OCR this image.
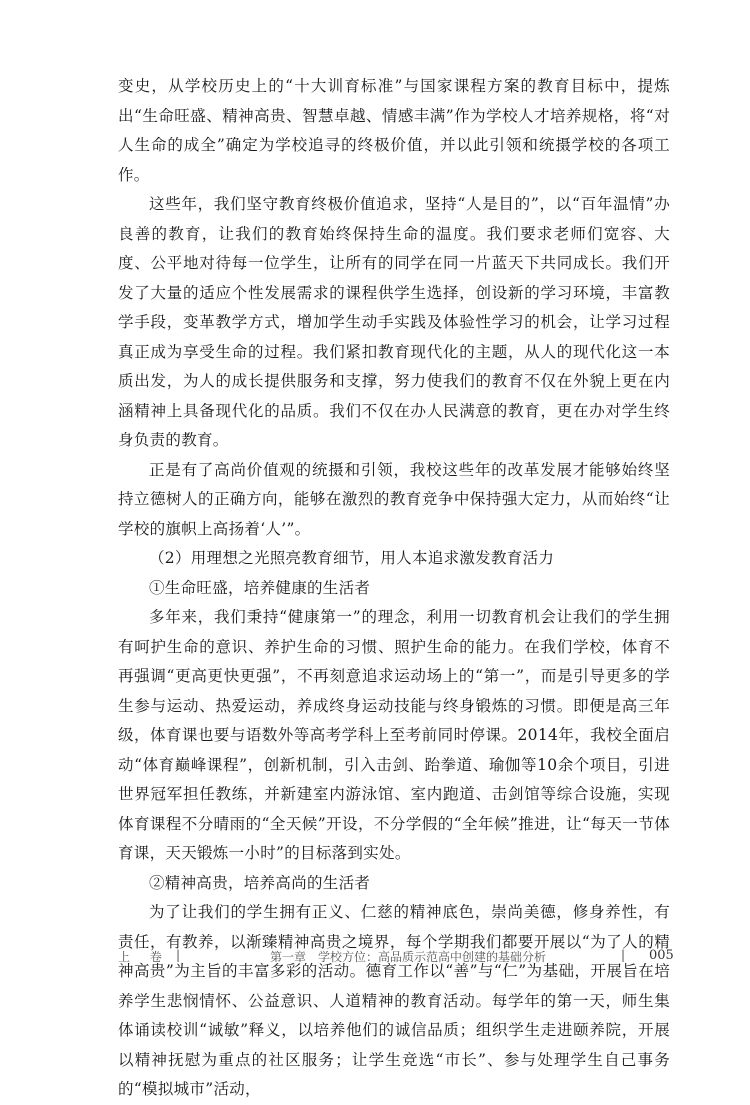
变史，从学校历史上的“十大训育标准”与国家课程方案的教育目标中，提炼出“生命旺盛、精神高贵、智慧卓越、情感丰满”作为学校人才培养规格，将“对人生命的成全”确定为学校追寻的终极价值，并以此引领和统摄学校的各项工作。

这些年，我们坚守教育终极价值追求，坚持“人是目的”，以“百年温情”办良善的教育，让我们的教育始终保持生命的温度。我们要求老师们宽容、大度、公平地对待每一位学生，让所有的同学在同一片蓝天下共同成长。我们开发了大量的适应个性发展需求的课程供学生选择，创设新的学习环境，丰富教学手段，变革教学方式，增加学生动手实践及体验性学习的机会，让学习过程真正成为享受生命的过程。我们紧扣教育现代化的主题，从人的现代化这一本质出发，为人的成长提供服务和支撑，努力使我们的教育不仅在外貌上更在内涵精神上具备现代化的品质。我们不仅在办人民满意的教育，更在办对学生终身负责的教育。

正是有了高尚价值观的统摄和引领，我校这些年的改革发展才能够始终坚持立德树人的正确方向，能够在激烈的教育竞争中保持强大定力，从而始终“让学校的旗帜上高扬着‘人’”。

（2）用理想之光照亮教育细节，用人本追求激发教育活力

①生命旺盛，培养健康的生活者

多年来，我们秉持“健康第一”的理念，利用一切教育机会让我们的学生拥有呵护生命的意识、养护生命的习惯、照护生命的能力。在我们学校，体育不再强调“更高更快更强”，不再刻意追求运动场上的“第一”，而是引导更多的学生参与运动、热爱运动，养成终身运动技能与终身锻炼的习惯。即便是高三年级，体育课也要与语数外等高考学科上至考前同时停课。2014年，我校全面启动“体育巅峰课程”，创新机制，引入击剑、跆拳道、瑜伽等10余个项目，引进世界冠军担任教练，并新建室内游泳馆、室内跑道、击剑馆等综合设施，实现体育课程不分晴雨的“全天候”开设，不分学假的“全年候”推进，让“每天一节体育课，天天锻炼一小时”的目标落到实处。

②精神高贵，培养高尚的生活者

为了让我们的学生拥有正义、仁慈的精神底色，崇尚美德，修身养性，有责任，有教养，以渐臻精神高贵之境界，每个学期我们都要开展以“为了人的精神高贵”为主旨的丰富多彩的活动。德育工作以“善”与“仁”为基础，开展旨在培养学生悲悯情怀、公益意识、人道精神的教育活动。每学年的第一天，师生集体诵读校训“诚敏”释义，以培养他们的诚信品质；组织学生走进颐养院，开展以精神抚慰为重点的社区服务；让学生竞选“市长”、参与处理学生自己事务的“模拟城市”活动，

上 卷 |	第一章　学校方位：高品质示范高中创建的基础分析	| 005
